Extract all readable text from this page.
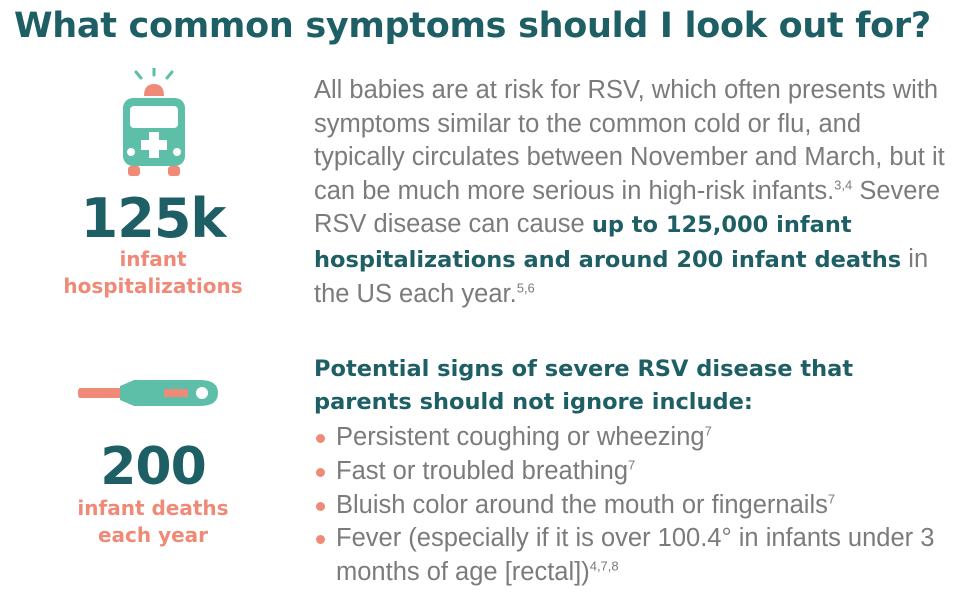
What common symptoms should I look out for?
125k
infant
hospitalizations
200
infant deaths
each year
All babies are at risk for RSV, which often presents with symptoms similar to the common cold or flu, and typically circulates between November and March, but it can be much more serious in high-risk infants.$^{3,4}$ Severe RSV disease can cause up to 125,000 infant hospitalizations and around 200 infant deaths in the US each year.$^{5,6}$
Potential signs of severe RSV disease that parents should not ignore include:
Persistent coughing or wheezing$^7$
Fast or troubled breathing$^7$
Bluish color around the mouth or fingernails$^7$
Fever (especially if it is over 100.4° in infants under 3 months of age [rectal])$^{4,7,8}$
